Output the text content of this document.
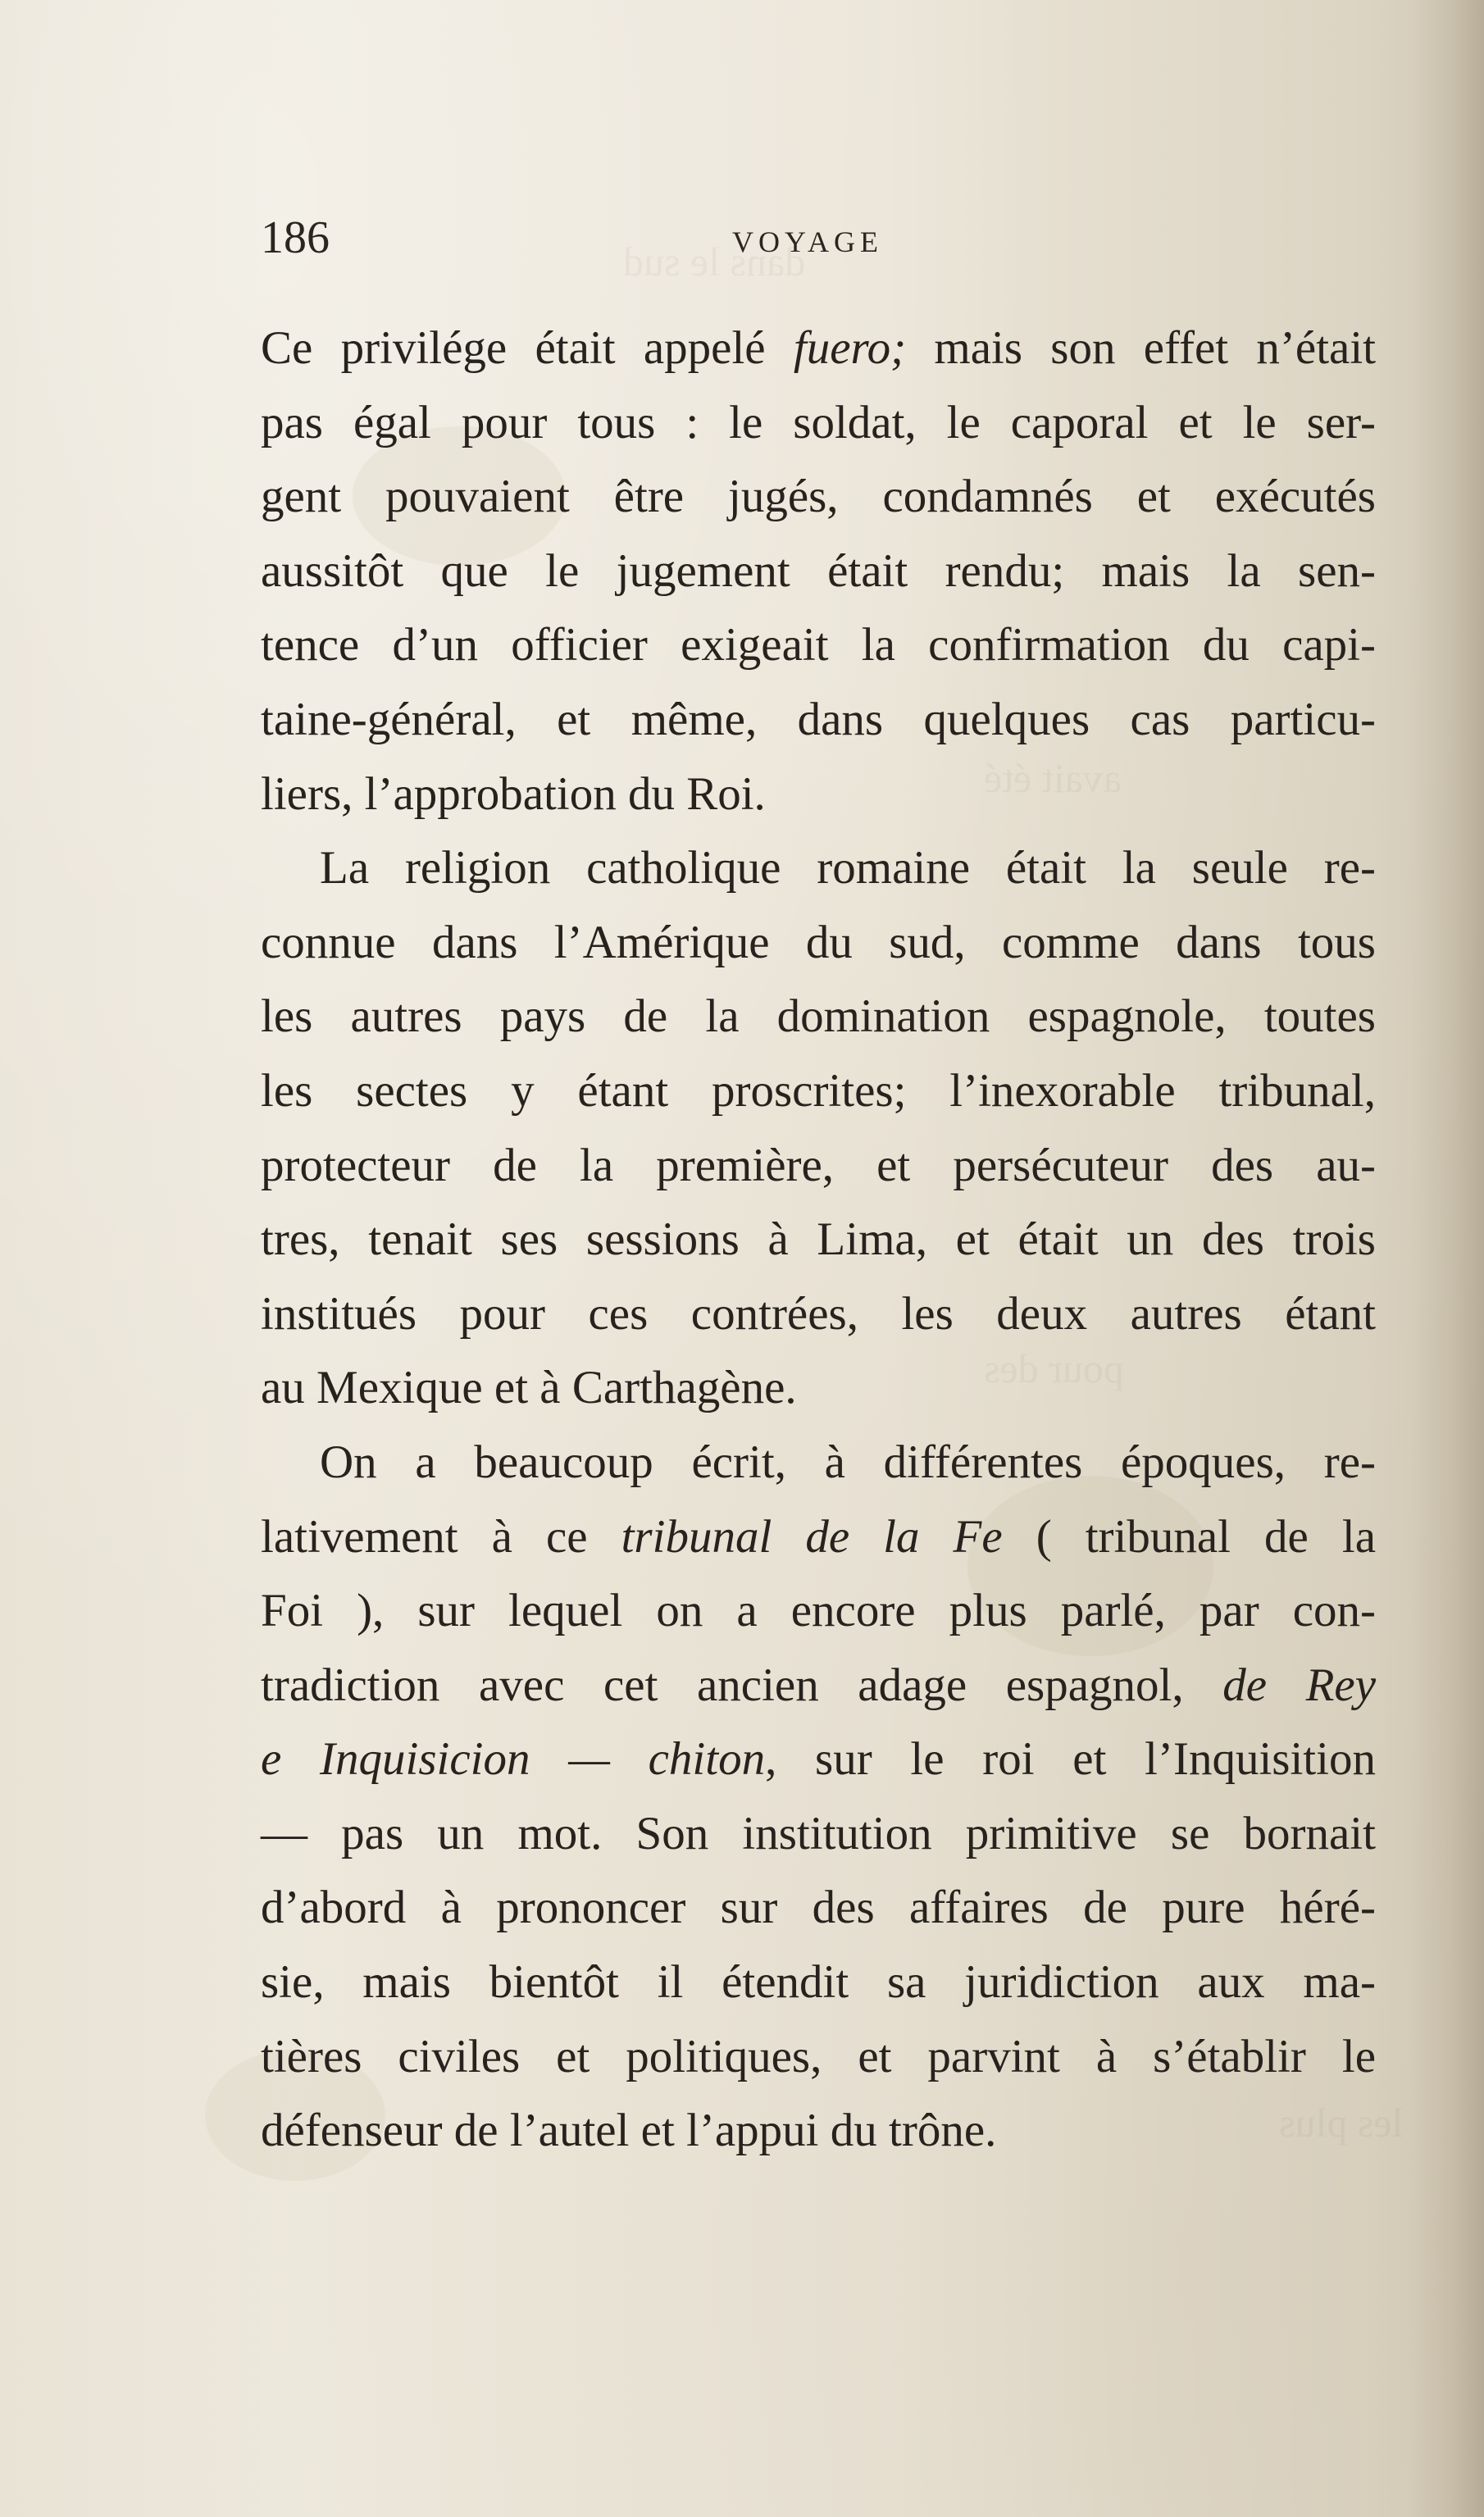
dans le sud
avait été
pour des
les plus
186	VOYAGE
Ce privilége était appelé fuero; mais son effet n’était
pas égal pour tous : le soldat, le caporal et le ser-
gent pouvaient être jugés, condamnés et exécutés
aussitôt que le jugement était rendu; mais la sen-
tence d’un officier exigeait la confirmation du capi-
taine-général, et même, dans quelques cas particu-
liers, l’approbation du Roi.
La religion catholique romaine était la seule re-
connue dans l’Amérique du sud, comme dans tous
les autres pays de la domination espagnole, toutes
les sectes y étant proscrites; l’inexorable tribunal,
protecteur de la première, et persécuteur des au-
tres, tenait ses sessions à Lima, et était un des trois
institués pour ces contrées, les deux autres étant
au Mexique et à Carthagène.
On a beaucoup écrit, à différentes époques, re-
lativement à ce tribunal de la Fe ( tribunal de la
Foi ), sur lequel on a encore plus parlé, par con-
tradiction avec cet ancien adage espagnol, de Rey
e Inquisicion — chiton, sur le roi et l’Inquisition
— pas un mot. Son institution primitive se bornait
d’abord à prononcer sur des affaires de pure héré-
sie, mais bientôt il étendit sa juridiction aux ma-
tières civiles et politiques, et parvint à s’établir le
défenseur de l’autel et l’appui du trône.
